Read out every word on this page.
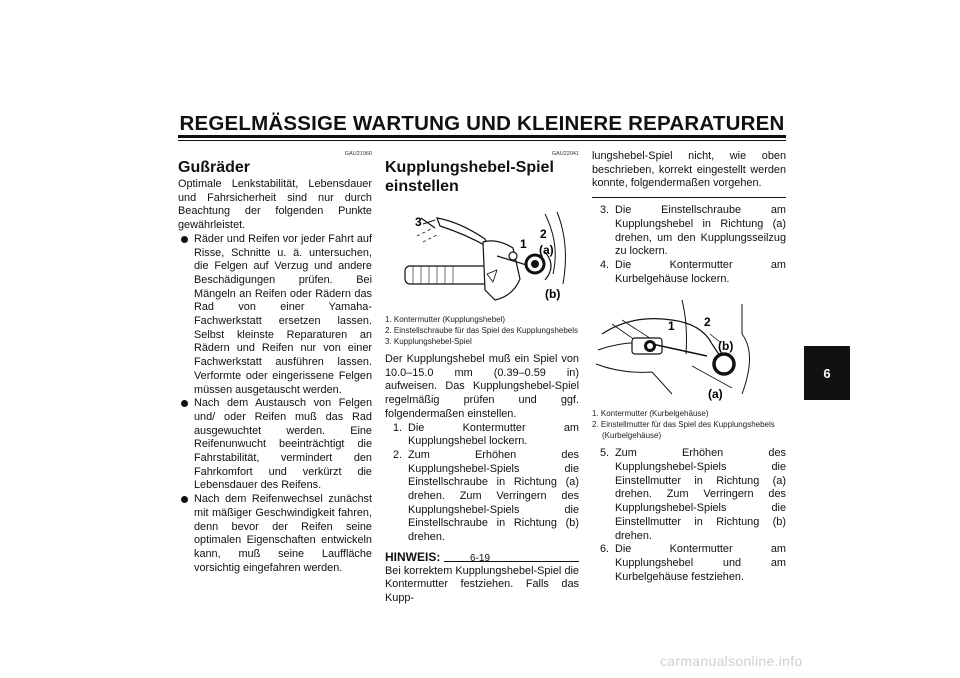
REGELMÄSSIGE WARTUNG UND KLEINERE REPARATUREN
6
GAU21960
Gußräder

Optimale Lenkstabilität, Lebensdauer und Fahrsicherheit sind nur durch Beachtung der folgenden Punkte gewährleistet.

Räder und Reifen vor jeder Fahrt auf Risse, Schnitte u. ä. untersuchen, die Felgen auf Verzug und andere Beschädigungen prüfen. Bei Mängeln an Reifen oder Rädern das Rad von einer Yamaha-Fachwerkstatt ersetzen lassen. Selbst kleinste Reparaturen an Rädern und Reifen nur von einer Fachwerkstatt ausführen lassen. Verformte oder eingerissene Felgen müssen ausgetauscht werden.
Nach dem Austausch von Felgen und/ oder Reifen muß das Rad ausgewuchtet werden. Eine Reifenunwucht beeinträchtigt die Fahrstabilität, vermindert den Fahrkomfort und verkürzt die Lebensdauer des Reifens.
Nach dem Reifenwechsel zunächst mit mäßiger Geschwindigkeit fahren, denn bevor der Reifen seine optimalen Eigenschaften entwickeln kann, muß seine Lauffläche vorsichtig eingefahren werden.
GAU22041
Kupplungshebel-Spiel einstellen
3
1
2
(a)
(b)
1. Kontermutter (Kupplungshebel)
2. Einstellschraube für das Spiel des Kupplungshebels
3. Kupplungshebel-Spiel

Der Kupplungshebel muß ein Spiel von 10.0–15.0 mm (0.39–0.59 in) aufweisen. Das Kupplungshebel-Spiel regelmäßig prüfen und ggf. folgendermaßen einstellen.

1. Die Kontermutter am Kupplungshebel lockern.
2. Zum Erhöhen des Kupplungshebel-Spiels die Einstellschraube in Richtung (a) drehen. Zum Verringern des Kupplungshebel-Spiels die Einstellschraube in Richtung (b) drehen.
HINWEIS:

Bei korrektem Kupplungshebel-Spiel die Kontermutter festziehen. Falls das Kupp-

lungshebel-Spiel nicht, wie oben beschrieben, korrekt eingestellt werden konnte, folgendermaßen vorgehen.

3. Die Einstellschraube am Kupplungshebel in Richtung (a) drehen, um den Kupplungsseilzug zu lockern.
4. Die Kontermutter am Kurbelgehäuse lockern.
1 2
(b)
(a)
1. Kontermutter (Kurbelgehäuse)
2. Einstellmutter für das Spiel des Kupplungshebels (Kurbelgehäuse)
5. Zum Erhöhen des Kupplungshebel-Spiels die Einstellmutter in Richtung (a) drehen. Zum Verringern des Kupplungshebel-Spiels die Einstellmutter in Richtung (b) drehen.
6. Die Kontermutter am Kupplungshebel und am Kurbelgehäuse festziehen.
6-19
carmanualsonline.info
